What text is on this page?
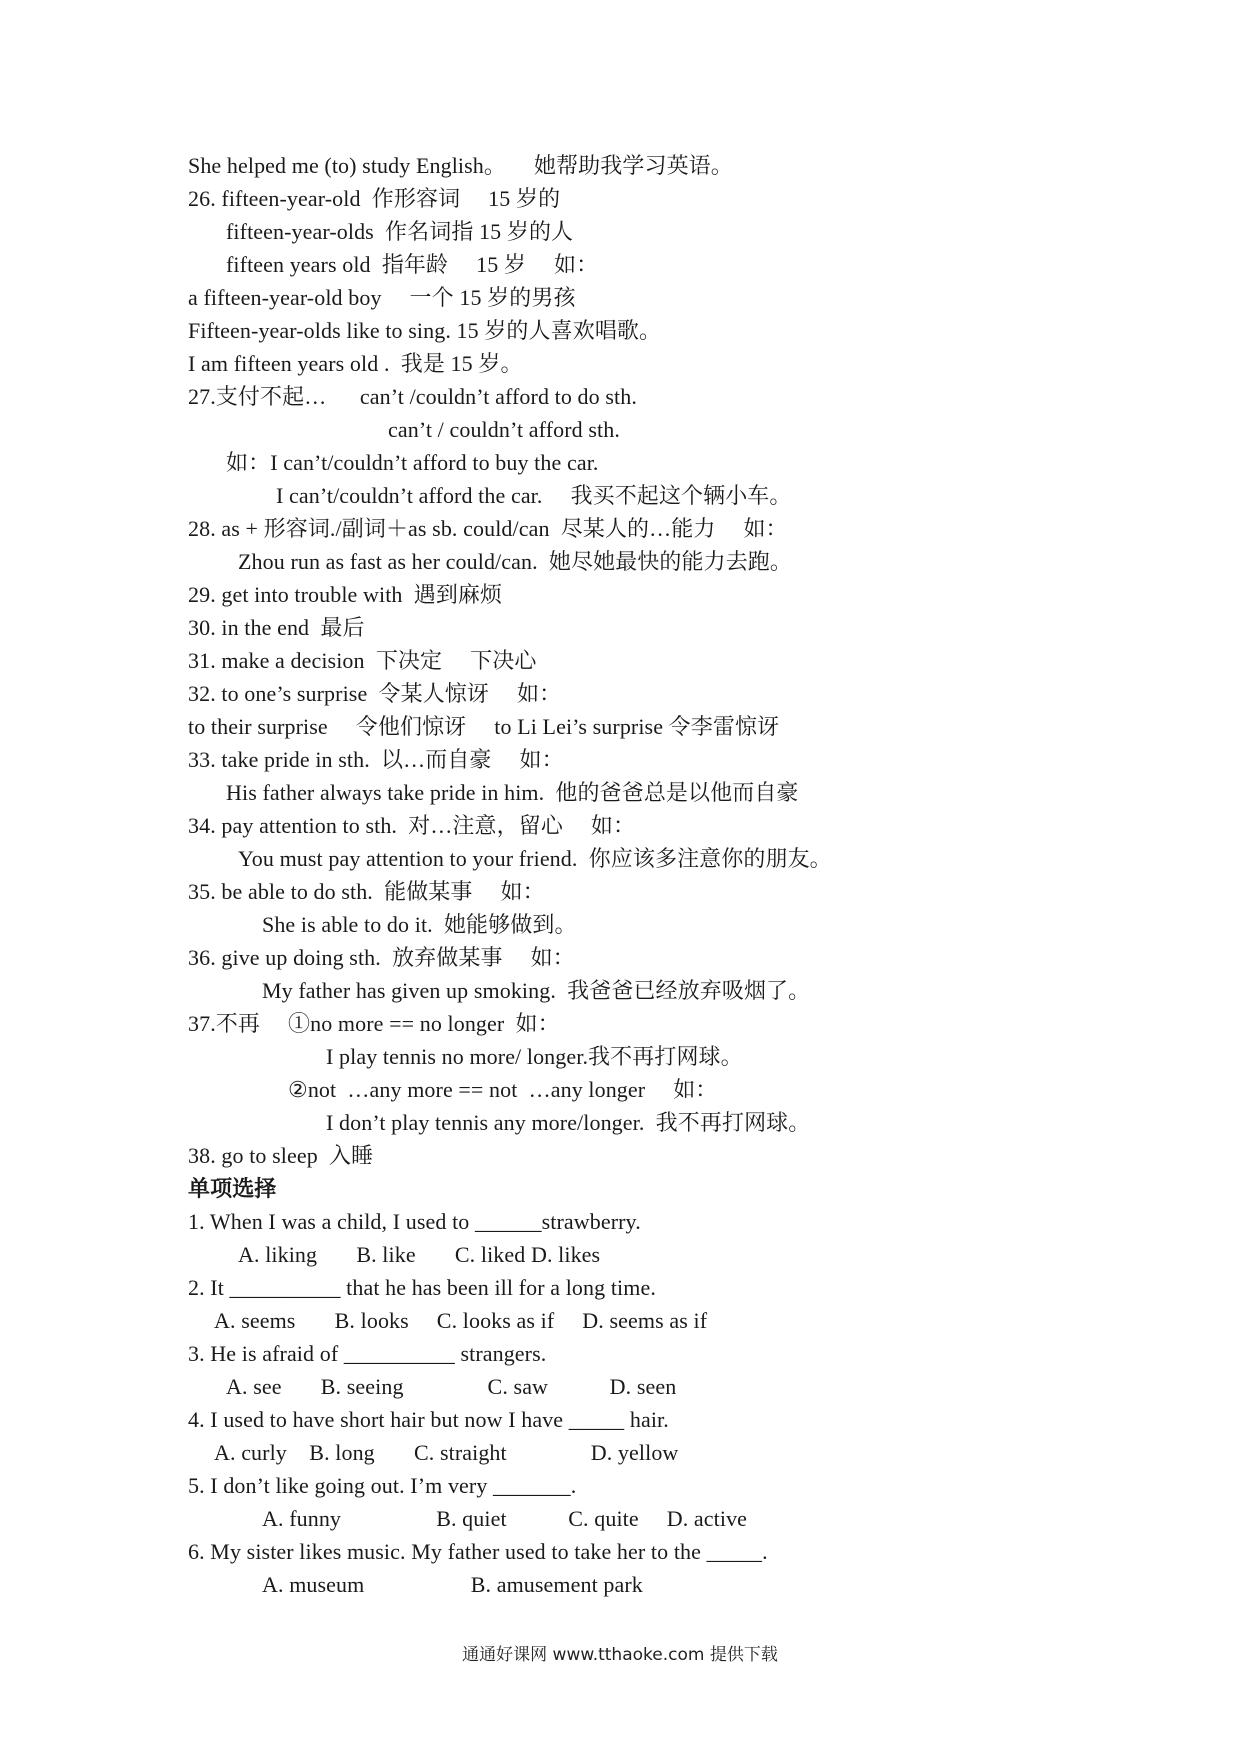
She helped me (to) study English。     她帮助我学习英语。
26. fifteen-year-old  作形容词     15 岁的
fifteen-year-olds  作名词指 15 岁的人
fifteen years old  指年龄     15 岁     如：
a fifteen-year-old boy     一个 15 岁的男孩
Fifteen-year-olds like to sing. 15 岁的人喜欢唱歌。
I am fifteen years old .  我是 15 岁。
27.支付不起…      can’t /couldn’t afford to do sth.
can’t / couldn’t afford sth.
如：I can’t/couldn’t afford to buy the car.
I can’t/couldn’t afford the car.     我买不起这个辆小车。
28. as + 形容词./副词＋as sb. could/can  尽某人的…能力     如：
Zhou run as fast as her could/can.  她尽她最快的能力去跑。
29. get into trouble with  遇到麻烦
30. in the end  最后
31. make a decision  下决定     下决心
32. to one’s surprise  令某人惊讶     如：
to their surprise     令他们惊讶     to Li Lei’s surprise 令李雷惊讶
33. take pride in sth.  以…而自豪     如：
His father always take pride in him.  他的爸爸总是以他而自豪
34. pay attention to sth.  对…注意，留心     如：
You must pay attention to your friend.  你应该多注意你的朋友。
35. be able to do sth.  能做某事     如：
She is able to do it.  她能够做到。
36. give up doing sth.  放弃做某事     如：
My father has given up smoking.  我爸爸已经放弃吸烟了。
37.不再     ①no more == no longer  如：
I play tennis no more/ longer.我不再打网球。
②not  …any more == not  …any longer     如：
I don’t play tennis any more/longer.  我不再打网球。
38. go to sleep  入睡
单项选择
1. When I was a child, I used to ______strawberry.
A. liking       B. like       C. liked D. likes
2. It __________ that he has been ill for a long time.
A. seems       B. looks     C. looks as if     D. seems as if
3. He is afraid of __________ strangers.
A. see       B. seeing               C. saw           D. seen
4. I used to have short hair but now I have _____ hair.
A. curly    B. long       C. straight               D. yellow
5. I don’t like going out. I’m very _______.
A. funny                 B. quiet           C. quite     D. active
6. My sister likes music. My father used to take her to the _____.
A. museum                   B. amusement park
通通好课网 www.tthaoke.com 提供下载
